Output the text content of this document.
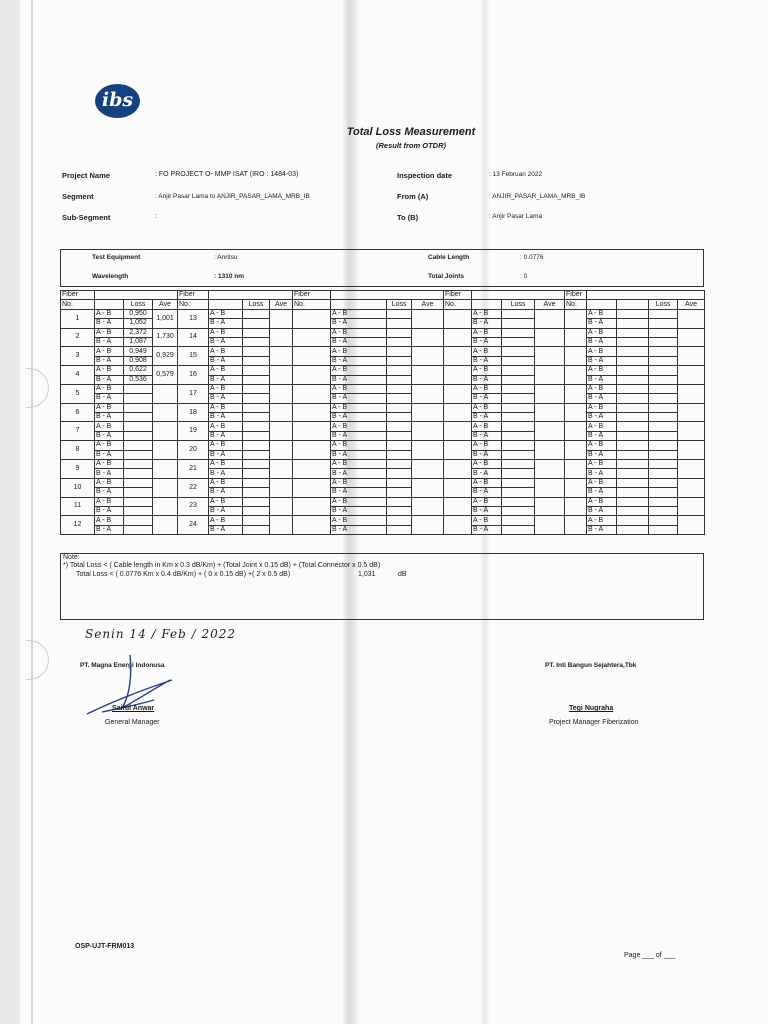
ibs
Total Loss Measurement
(Result from OTDR)
Project Name	: FO PROJECT O- MMP ISAT (IRO : 1484-03)
Segment	: Anjir Pasar Lama to ANJIR_PASAR_LAMA_MRB_IB
Sub-Segment	:
Inspection date	: 13 Februari 2022
From (A)	: ANJIR_PASAR_LAMA_MRB_IB
To (B)	: Anjir Pasar Lama
Test Equipment	: Anritsu
Wavelength	: 1310 nm
Cable Length	: 0.0776
Total Joints	: 0
Fiber				Fiber				Fiber				Fiber				Fiber				
No.		Loss	Ave	No.		Loss	Ave	No.		Loss	Ave	No.		Loss	Ave	No.			Loss	Ave
1	A - B	0,950	1,001	13	A - B				A - B				A - B				A - B			
	B - A	1,052			B - A				B - A				B - A				B - A			
2	A - B	2,372	1,730	14	A - B				A - B				A - B				A - B			
	B - A	1,087			B - A				B - A				B - A				B - A			
3	A - B	0,949	0,929	15	A - B				A - B				A - B				A - B			
	B - A	0,908			B - A				B - A				B - A				B - A			
4	A - B	0,622	0,579	16	A - B				A - B				A - B				A - B			
	B - A	0,536			B - A				B - A				B - A				B - A			
5	A - B			17	A - B				A - B				A - B				A - B			
	B - A				B - A				B - A				B - A				B - A			
6	A - B			18	A - B				A - B				A - B				A - B			
	B - A				B - A				B - A				B - A				B - A			
7	A - B			19	A - B				A - B				A - B				A - B			
	B - A				B - A				B - A				B - A				B - A			
8	A - B			20	A - B				A - B				A - B				A - B			
	B - A				B - A				B - A				B - A				B - A			
9	A - B			21	A - B				A - B				A - B				A - B			
	B - A				B - A				B - A				B - A				B - A			
10	A - B			22	A - B				A - B				A - B				A - B			
	B - A				B - A				B - A				B - A				B - A			
11	A - B			23	A - B				A - B				A - B				A - B			
	B - A				B - A				B - A				B - A				B - A			
12	A - B			24	A - B				A - B				A - B				A - B			
	B - A				B - A				B - A				B - A				B - A			
Note:
*) Total Loss < ( Cable length in Km x 0.3 dB/Km) + (Total Joint x 0.15 dB) + (Total Connector x 0.5 dB)
Total Loss < ( 0.0776 Km x 0.4 dB/Km) + ( 0 x 0.15 dB) +( 2 x 0.5 dB)	1,031	dB
Senin 14 / Feb / 2022
PT. Magna Energi Indonusa
Saiful Anwar
General Manager
PT. Inti Bangun Sejahtera,Tbk
Tegi Nugraha
Project Manager Fiberization
OSP-UJT-FRM013
Page ___ of ___
